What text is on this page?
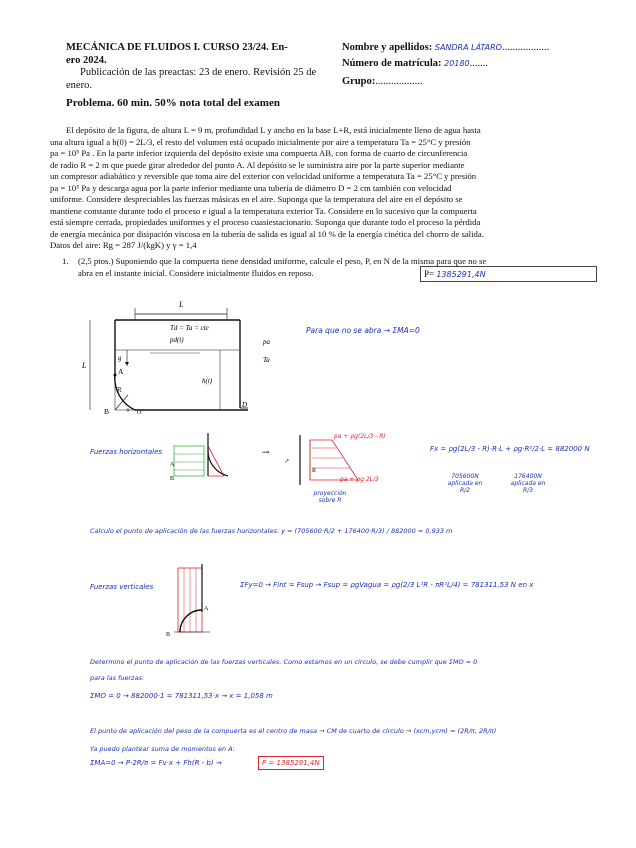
MECÁNICA DE FLUIDOS I. CURSO 23/24. En-
ero 2024.
Publicación de las preactas: 23 de enero. Revisión 25 de
enero.
Nombre y apellidos: SANDRA LÁTARO..................
Número de matrícula: 20180.......
Grupo:..................
Problema. 60 min. 50% nota total del examen
El depósito de la figura, de altura L = 9 m, profundidad L y ancho en la base L+R, está inicialmente lleno de agua hasta
una altura igual a h(0) = 2L/3, el resto del volumen está ocupado inicialmente por aire a temperatura Ta = 25°C y presión
pa = 10⁵ Pa . En la parte inferior izquierda del depósito existe una compuerta AB, con forma de cuarto de circunferencia
de radio R = 2 m que puede girar alrededor del punto A. Al depósito se le suministra aire por la parte superior mediante
un compresor adiabático y reversible que toma aire del exterior con velocidad uniforme a temperatura Ta = 25°C y presión
pa = 10⁵ Pa y descarga agua por la parte inferior mediante una tubería de diámetro D = 2 cm también con velocidad
uniforme. Considere despreciables las fuerzas másicas en el aire. Suponga que la temperatura del aire en el depósito se
mantiene constante durante todo el proceso e igual a la temperatura exterior Ta. Considere en lo sucesivo que la compuerta
está siempre cerrada, propiedades uniformes y el proceso cuasiestacionario. Suponga que durante todo el proceso la pérdida
de energía mecánica por disipación viscosa en la tubería de salida es igual al 10 % de la energía cinética del chorro de salida.
Datos del aire: Rg = 287 J/(kgK) y γ = 1,4
1. (2,5 ptos.) Suponiendo que la compuerta tiene densidad uniforme, calcule el peso, P, en N de la misma para que no se
abra en el instante inicial. Considere inicialmente fluidos en reposo.	P= 1385291,4N
L
L
R
O
A
B
g
h(t)
Td = Ta = cte
pd(t)	pa
Ta
D
Para que no se abra → ΣMA=0
Fuerzas horizontales
A
B
→
↗
R
pa + ρg(2L/3 - R)
pa + ρg·2L/3
proyección sobre R
Fx = ρg(2L/3 - R)·R·L + ρg·R²/2·L = 882000 N
705600N
aplicada en R/2
176400N
aplicada en R/3
Calculo el punto de aplicación de las fuerzas horizontales: y = (705600·R/2 + 176400·R/3) / 882000 = 0,933 m
Fuerzas verticales
A
B
ΣFy=0 → Fint = Fsup → Fsup = ρgVagua = ρg(2/3 L²R - πR²L/4) = 781311,53 N en x
Determino el punto de aplicación de las fuerzas verticales. Como estamos en un círculo, se debe cumplir que ΣMO = 0
para las fuerzas:
ΣMO = 0 → 882000·1 = 781311,53·x → x = 1,058 m
El punto de aplicación del peso de la compuerta es el centro de masa → CM de cuarto de círculo → (xcm,ycm) = (2R/π, 2R/π)
Ya puedo plantear suma de momentos en A:
ΣMA=0 → P·2R/π = Fv·x + Fh(R - b) →	P = 1385291,4N
